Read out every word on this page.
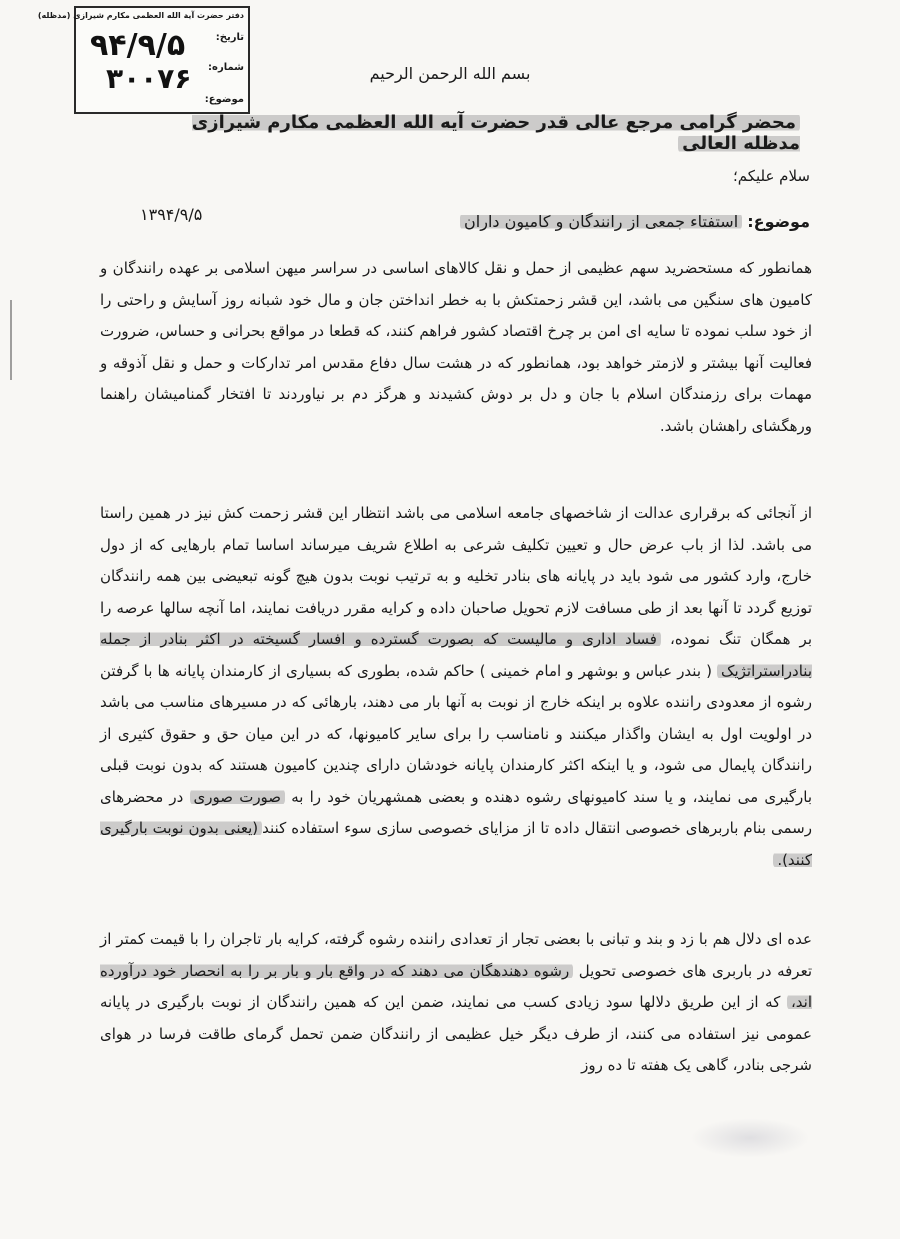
دفتر حضرت آیة الله العظمی مکارم شیرازی (مدظله)
تاریخ:
۹۴/۹/۵
شماره:
۳۰۰۷۶
موضوع:
بسم الله الرحمن الرحیم
محضر گرامی مرجع عالی قدر حضرت آیه الله العظمی مکارم شیرازی مدظله العالی
سلام علیکم؛
۱۳۹۴/۹/۵	موضوع: استفتاء جمعی از رانندگان و کامیون داران
همانطور که مستحضرید سهم عظیمی از حمل و نقل کالاهای اساسی در سراسر میهن اسلامی بر عهده رانندگان و کامیون های سنگین می باشد، این قشر زحمتکش با به خطر انداختن جان و مال خود شبانه روز آسایش و راحتی را از خود سلب نموده تا سایه ای امن بر چرخ اقتصاد کشور فراهم کنند، که قطعا در مواقع بحرانی و حساس، ضرورت فعالیت آنها بیشتر و لازمتر خواهد بود، همانطور که در هشت سال دفاع مقدس امر تدارکات و حمل و نقل آذوقه و مهمات برای رزمندگان اسلام با جان و دل بر دوش کشیدند و هرگز دم بر نیاوردند تا افتخار گمنامیشان راهنما ورهگشای راهشان باشد.
از آنجائی که برقراری عدالت از شاخصهای جامعه اسلامی می باشد انتظار این قشر زحمت کش نیز در همین راستا می باشد. لذا از باب عرض حال و تعیین تکلیف شرعی به اطلاع شریف میرساند اساسا تمام بارهایی که از دول خارج، وارد کشور می شود باید در پایانه های بنادر تخلیه و به ترتیب نوبت بدون هیچ گونه تبعیضی بین همه رانندگان توزیع گردد تا آنها بعد از طی مسافت لازم تحویل صاحبان داده و کرایه مقرر دریافت نمایند، اما آنچه سالها عرصه را بر همگان تنگ نموده، فساد اداری و مالیست که بصورت گسترده و افسار گسیخته در اکثر بنادر از جمله بنادراستراتژیک ( بندر عباس و بوشهر و امام خمینی ) حاکم شده، بطوری که بسیاری از کارمندان پایانه ها با گرفتن رشوه از معدودی راننده علاوه بر اینکه خارج از نوبت به آنها بار می دهند، بارهائی که در مسیرهای مناسب می باشد در اولویت اول به ایشان واگذار میکنند و نامناسب را برای سایر کامیونها، که در این میان حق و حقوق کثیری از رانندگان پایمال می شود، و یا اینکه اکثر کارمندان پایانه خودشان دارای چندین کامیون هستند که بدون نوبت قبلی بارگیری می نمایند، و یا سند کامیونهای رشوه دهنده و بعضی همشهریان خود را به صورت صوری در محضرهای رسمی بنام باربرهای خصوصی انتقال داده تا از مزایای خصوصی سازی سوء استفاده کنند(یعنی بدون نوبت بارگیری کنند).
عده ای دلال هم با زد و بند و تبانی با بعضی تجار از تعدادی راننده رشوه گرفته، کرایه بار تاجران را با قیمت کمتر از تعرفه در باربری های خصوصی تحویل رشوه دهندهگان می دهند که در واقع بار و بار بر را به انحصار خود درآورده اند، که از این طریق دلالها سود زیادی کسب می نمایند، ضمن این که همین رانندگان از نوبت بارگیری در پایانه عمومی نیز استفاده می کنند، از طرف دیگر خیل عظیمی از رانندگان ضمن تحمل گرمای طاقت فرسا در هوای شرجی بنادر، گاهی یک هفته تا ده روز
